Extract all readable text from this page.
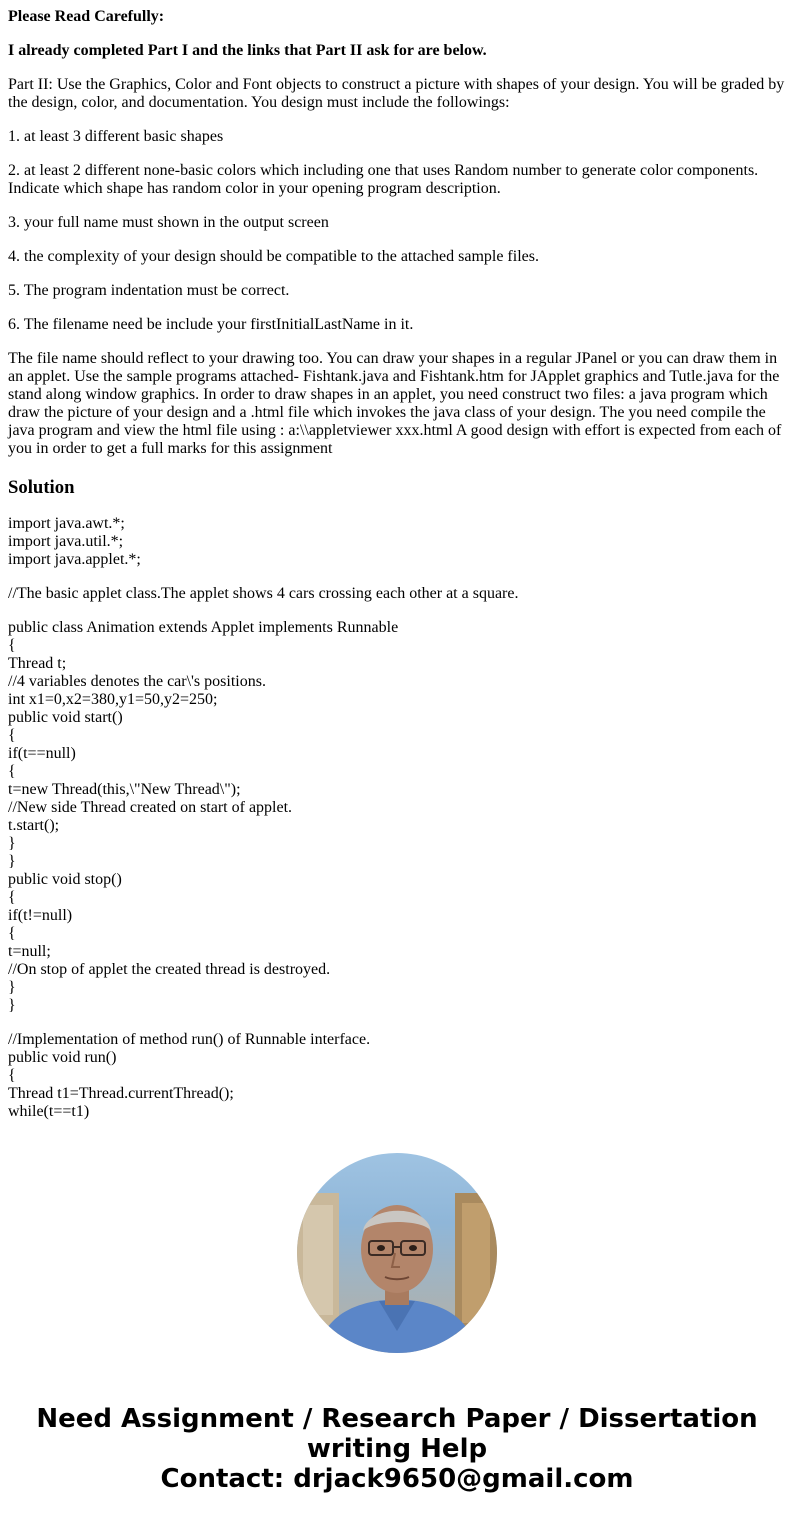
Please Read Carefully:

I already completed Part I and the links that Part II ask for are below.

Part II: Use the Graphics, Color and Font objects to construct a picture with shapes of your design. You will be graded by the design, color, and documentation. You design must include the followings:

1. at least 3 different basic shapes

2. at least 2 different none-basic colors which including one that uses Random number to generate color components. Indicate which shape has random color in your opening program description.

3. your full name must shown in the output screen

4. the complexity of your design should be compatible to the attached sample files.

5. The program indentation must be correct.

6. The filename need be include your firstInitialLastName in it.

The file name should reflect to your drawing too. You can draw your shapes in a regular JPanel or you can draw them in an applet. Use the sample programs attached- Fishtank.java and Fishtank.htm for JApplet graphics and Tutle.java for the stand along window graphics. In order to draw shapes in an applet, you need construct two files: a java program which draw the picture of your design and a .html file which invokes the java class of your design. The you need compile the java program and view the html file using : a:\\appletviewer xxx.html A good design with effort is expected from each of you in order to get a full marks for this assignment

Solution
import java.awt.*;
import java.util.*;
import java.applet.*;
//The basic applet class.The applet shows 4 cars crossing each other at a square.
public class Animation extends Applet implements Runnable
{
Thread t;
//4 variables denotes the car\'s positions.
int x1=0,x2=380,y1=50,y2=250;
public void start()
{
if(t==null)
{
t=new Thread(this,\"New Thread\");
//New side Thread created on start of applet.
t.start();
}
}
public void stop()
{
if(t!=null)
{
t=null;
//On stop of applet the created thread is destroyed.
}
}
//Implementation of method run() of Runnable interface.
public void run()
{
Thread t1=Thread.currentThread();
while(t==t1)
Need Assignment / Research Paper / Dissertation
writing Help
Contact: drjack9650@gmail.com
